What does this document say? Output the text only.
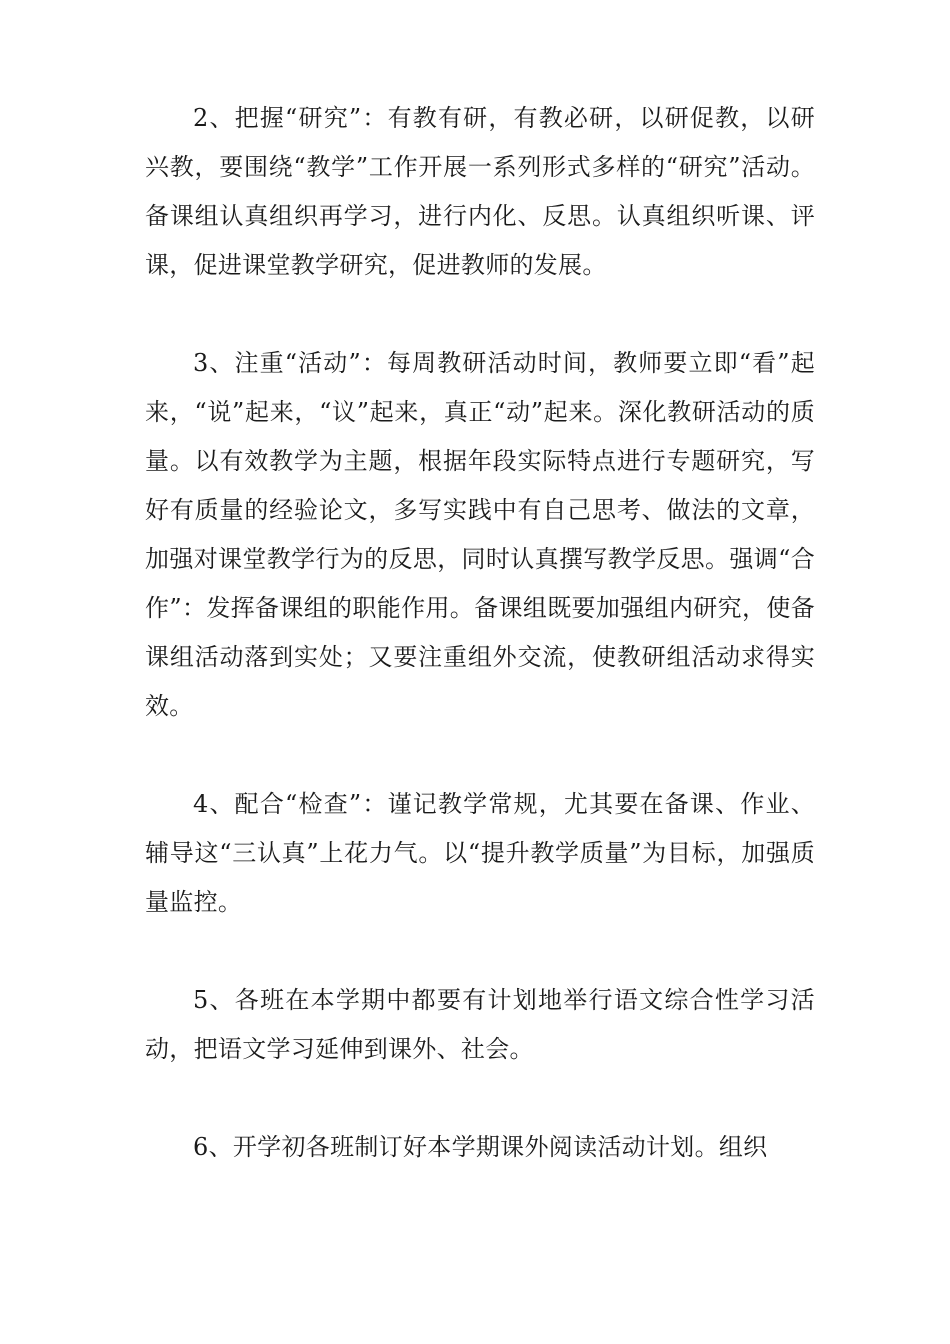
2、把握“研究”：有教有研，有教必研，以研促教，以研兴教，要围绕“教学”工作开展一系列形式多样的“研究”活动。备课组认真组织再学习，进行内化、反思。认真组织听课、评课，促进课堂教学研究，促进教师的发展。

3、注重“活动”：每周教研活动时间，教师要立即“看”起来，“说”起来，“议”起来，真正“动”起来。深化教研活动的质量。以有效教学为主题，根据年段实际特点进行专题研究，写好有质量的经验论文，多写实践中有自己思考、做法的文章，加强对课堂教学行为的反思，同时认真撰写教学反思。强调“合作”：发挥备课组的职能作用。备课组既要加强组内研究，使备课组活动落到实处；又要注重组外交流，使教研组活动求得实效。

4、配合“检查”：谨记教学常规，尤其要在备课、作业、辅导这“三认真”上花力气。以“提升教学质量”为目标，加强质量监控。

5、各班在本学期中都要有计划地举行语文综合性学习活动，把语文学习延伸到课外、社会。

6、开学初各班制订好本学期课外阅读活动计划。组织
